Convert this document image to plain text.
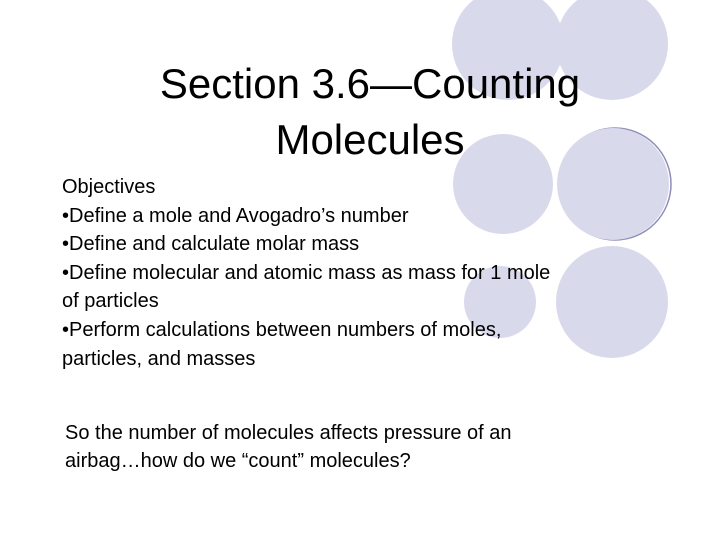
Section 3.6—Counting
Molecules
Objectives
•Define a mole and Avogadro’s number
•Define and calculate molar mass
•Define molecular and atomic mass as mass for 1 mole
of particles
•Perform calculations between numbers of moles,
particles, and masses
So the number of molecules affects pressure of an
airbag…how do we “count” molecules?
